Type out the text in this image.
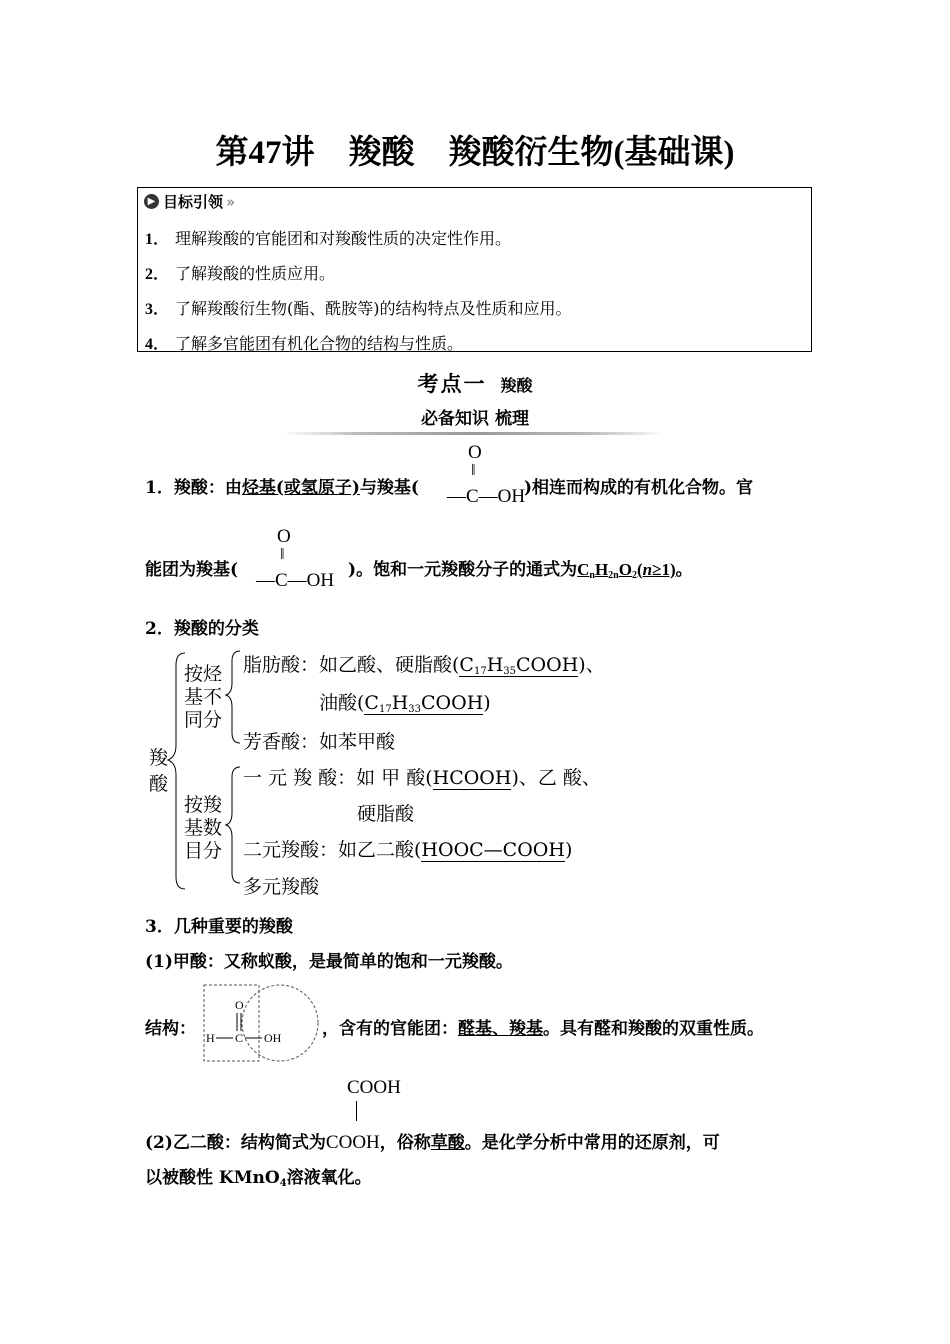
第47讲 羧酸 羧酸衍生物(基础课)
▶ 目标引领 »
1． 理解羧酸的官能团和对羧酸性质的决定性作用。
2． 了解羧酸的性质应用。
3． 了解羧酸衍生物(酯、酰胺等)的结构特点及性质和应用。
4． 了解多官能团有机化合物的结构与性质。
考点一 羧酸
必备知识 梳理
1．羧酸：由烃基(或氢原子)与羧基(	)相连而构成的有机化合物。官
O
‖
—C—OH
能团为羧基(	)。饱和一元羧酸分子的通式为$C_nH_{2n}O_2(n\ge 1)$。
O
‖
—C—OH
2．羧酸的分类
羧酸
按烃
基不
同分
按羧
基数
目分
脂肪酸：如乙酸、硬脂酸$(C_{17}H_{35}COOH)$、
油酸$(C_{17}H_{33}COOH)$
芳香酸：如苯甲酸
一 元 羧 酸：如 甲 酸(HCOOH)、乙 酸、
硬脂酸
二元羧酸：如乙二酸(HOOC—COOH)
多元羧酸
3．几种重要的羧酸
(1)甲酸：又称蚁酸，是最简单的饱和一元羧酸。
结构：	，含有的官能团：醛基、羧基。具有醛和羧酸的双重性质。
O
H C OH
COOH
(2)乙二酸：结构简式为COOH，俗称草酸。是化学分析中常用的还原剂，可
以被酸性 KMnO$_4$溶液氧化。
